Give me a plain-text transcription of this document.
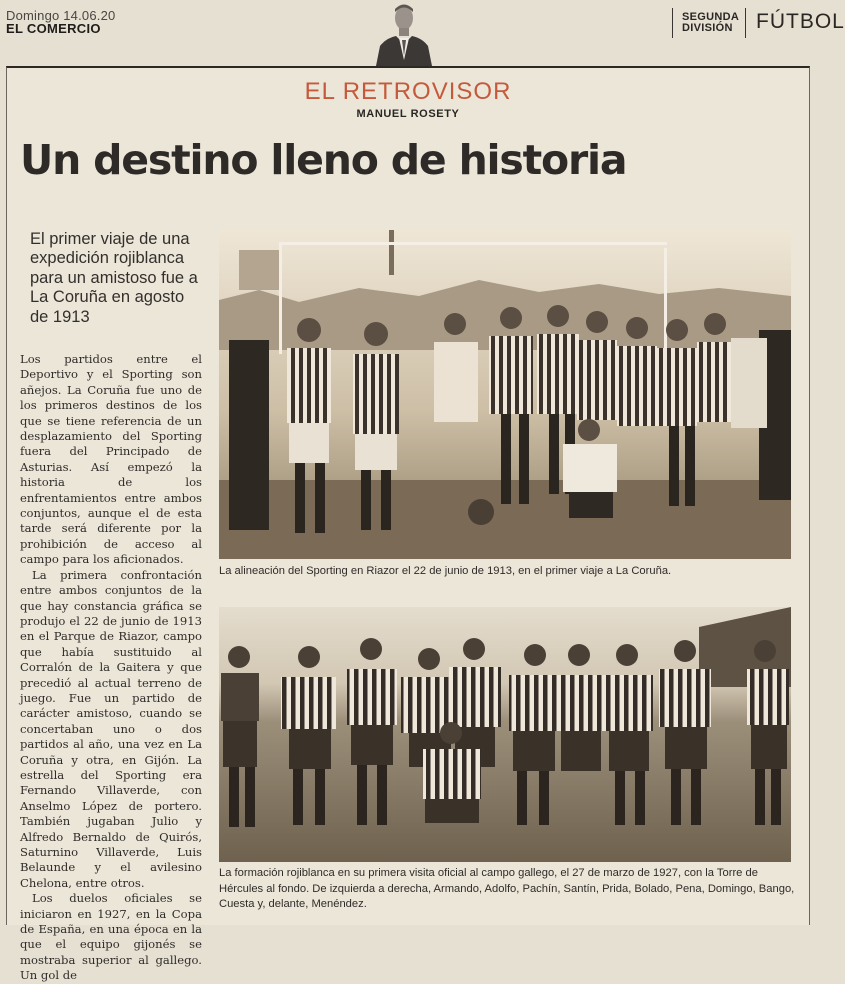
Domingo 14.06.20
EL COMERCIO
SEGUNDA
DIVISIÓN	FÚTBOL
EL RETROVISOR
MANUEL ROSETY
Un destino lleno de historia
El primer viaje de una expedición rojiblanca para un amistoso fue a La Coruña en agosto de 1913

Los partidos entre el Deportivo y el Sporting son añejos. La Coruña fue uno de los primeros destinos de los que se tiene referencia de un desplazamiento del Sporting fuera del Principado de Asturias. Así empezó la historia de los enfrentamientos entre ambos conjuntos, aunque el de esta tarde será diferente por la prohibición de acceso al campo para los aficionados.

La primera confrontación entre ambos conjuntos de la que hay constancia gráfica se produjo el 22 de junio de 1913 en el Parque de Riazor, campo que había sustituido al Corralón de la Gaitera y que precedió al actual terreno de juego. Fue un partido de carácter amistoso, cuando se concertaban uno o dos partidos al año, una vez en La Coruña y otra, en Gijón. La estrella del Sporting era Fernando Villaverde, con Anselmo López de portero. También jugaban Julio y Alfredo Bernaldo de Quirós, Saturnino Villaverde, Luis Belaunde y el avilesino Chelona, entre otros.

Los duelos oficiales se iniciaron en 1927, en la Copa de España, en una época en la que el equipo gijonés se mostraba superior al gallego. Un gol de

La alineación del Sporting en Riazor el 22 de junio de 1913, en el primer viaje a La Coruña.
La formación rojiblanca en su primera visita oficial al campo gallego, el 27 de marzo de 1927, con la Torre de Hércules al fondo. De izquierda a derecha, Armando, Adolfo, Pachín, Santín, Prida, Bolado, Pena, Domingo, Bango, Cuesta y, delante, Menéndez.
